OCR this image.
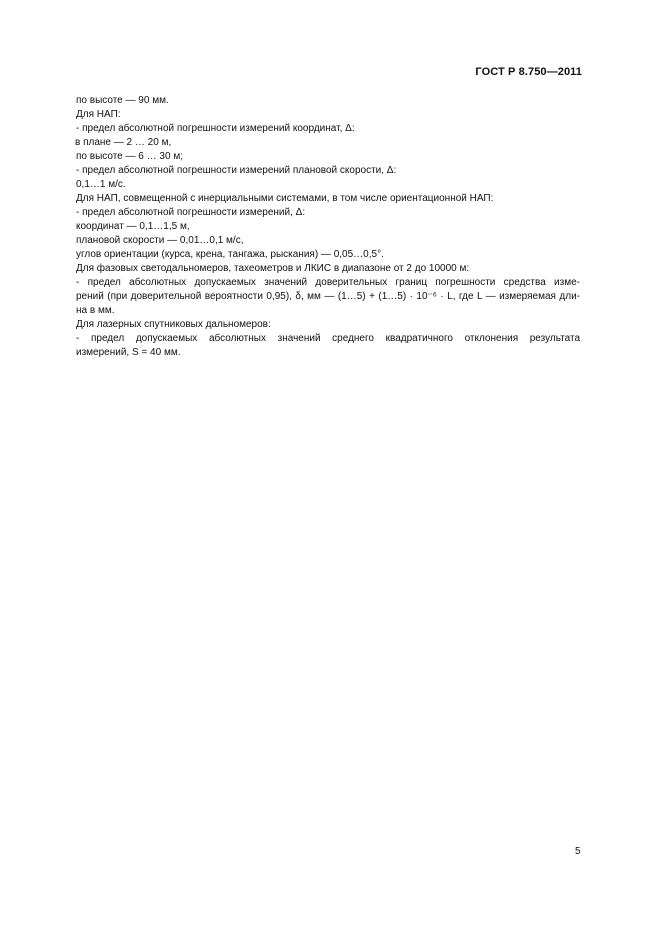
ГОСТ Р 8.750—2011
по высоте — 90 мм.
Для НАП:
- предел абсолютной погрешности измерений координат, Δ:
в плане — 2 … 20 м,
по высоте — 6 … 30 м;
- предел абсолютной погрешности измерений плановой скорости, Δ:
0,1…1 м/с.
Для НАП, совмещенной с инерциальными системами, в том числе ориентационной НАП:
- предел абсолютной погрешности измерений, Δ:
координат — 0,1…1,5 м,
плановой скорости — 0,01…0,1 м/с,
углов ориентации (курса, крена, тангажа, рыскания) — 0,05…0,5°.
Для фазовых светодальномеров, тахеометров и ЛКИС в диапазоне от 2 до 10000 м:
- предел абсолютных допускаемых значений доверительных границ погрешности средства изме-
рений (при доверительной вероятности 0,95), δ, мм — (1…5) + (1…5) · 10⁻⁶ · L, где L — измеряемая дли-
на в мм.
Для лазерных спутниковых дальномеров:
- предел допускаемых абсолютных значений среднего квадратичного отклонения результата
измерений, S = 40 мм.
5
